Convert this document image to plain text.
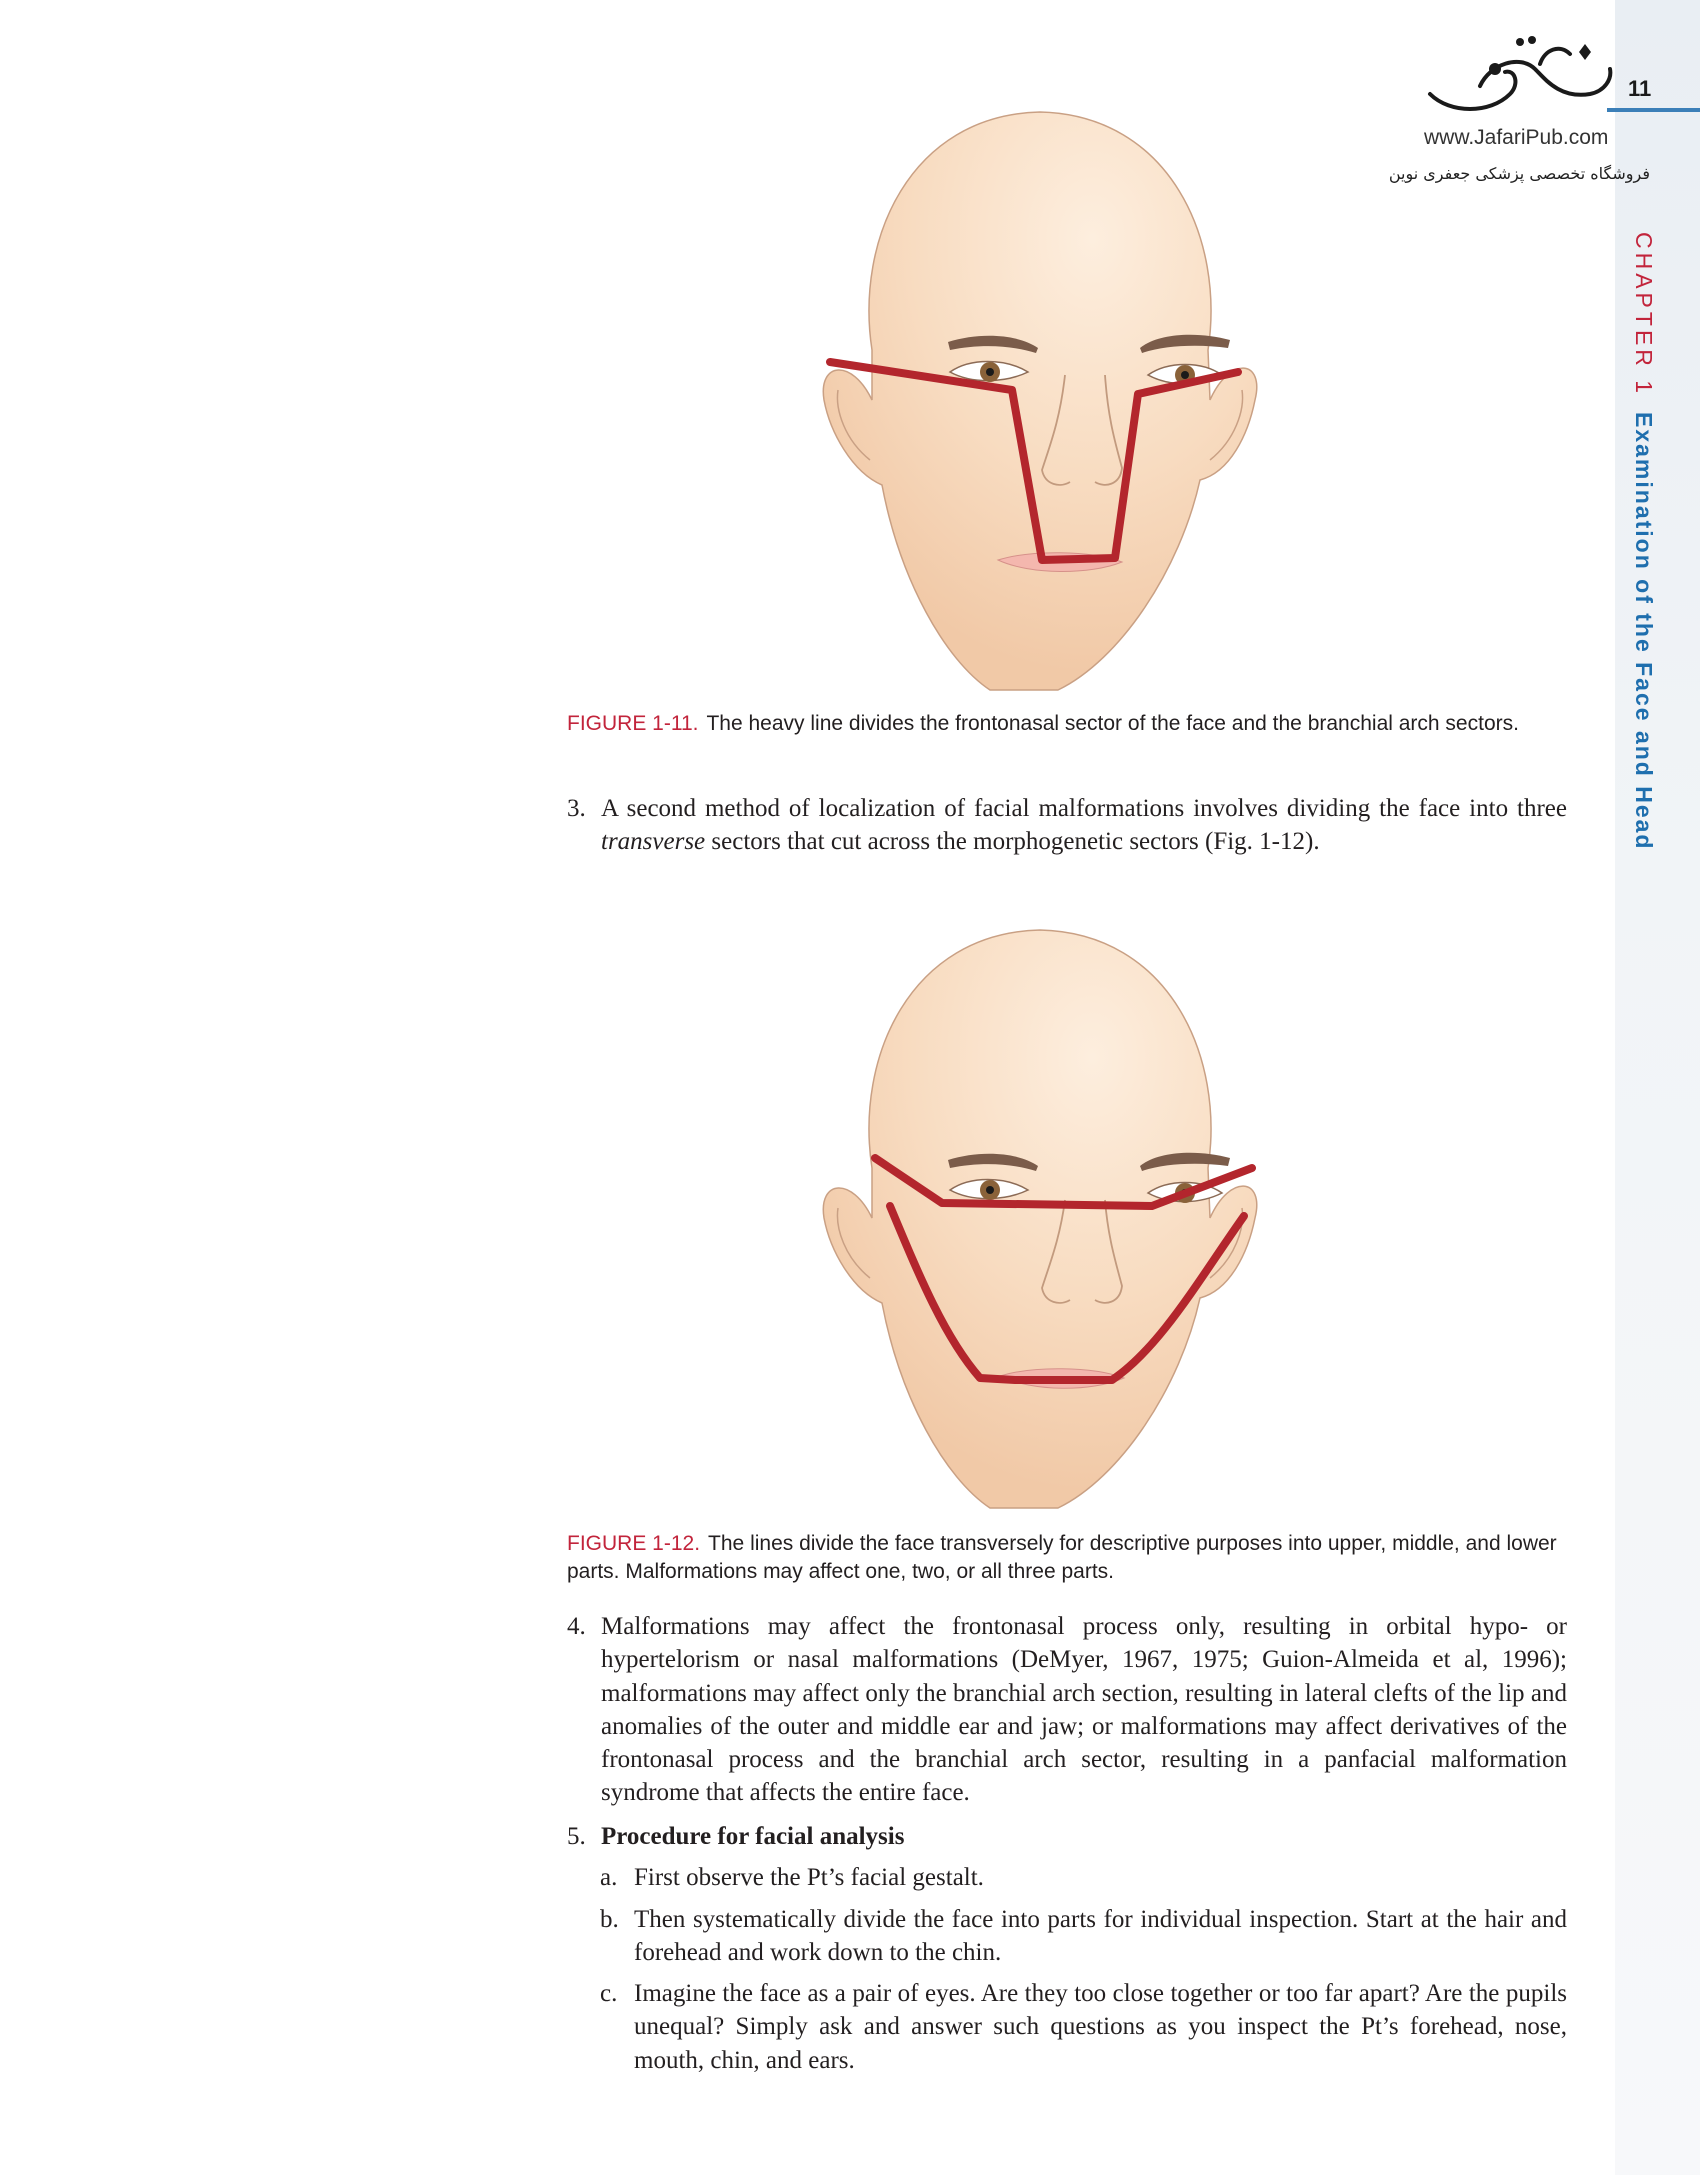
11
CHAPTER 1
Examination of the Face and Head
www.JafariPub.com
فروشگاه تخصصی پزشکی جعفری نوین
FIGURE 1-11. The heavy line divides the frontonasal sector of the face and the branchial arch sectors.
3. A second method of localization of facial malformations involves dividing the face into three transverse sectors that cut across the morphogenetic sectors (Fig. 1-12).
FIGURE 1-12. The lines divide the face transversely for descriptive purposes into upper, middle, and lower parts. Malformations may affect one, two, or all three parts.
4. Malformations may affect the frontonasal process only, resulting in orbital hypo- or hypertelorism or nasal malformations (DeMyer, 1967, 1975; Guion-Almeida et al, 1996); malformations may affect only the branchial arch section, resulting in lateral clefts of the lip and anomalies of the outer and middle ear and jaw; or malformations may affect derivatives of the frontonasal process and the branchial arch sector, resulting in a panfacial malformation syndrome that affects the entire face.
5. Procedure for facial analysis
a. First observe the Pt’s facial gestalt.
b. Then systematically divide the face into parts for individual inspection. Start at the hair and forehead and work down to the chin.
c. Imagine the face as a pair of eyes. Are they too close together or too far apart? Are the pupils unequal? Simply ask and answer such questions as you inspect the Pt’s forehead, nose, mouth, chin, and ears.
